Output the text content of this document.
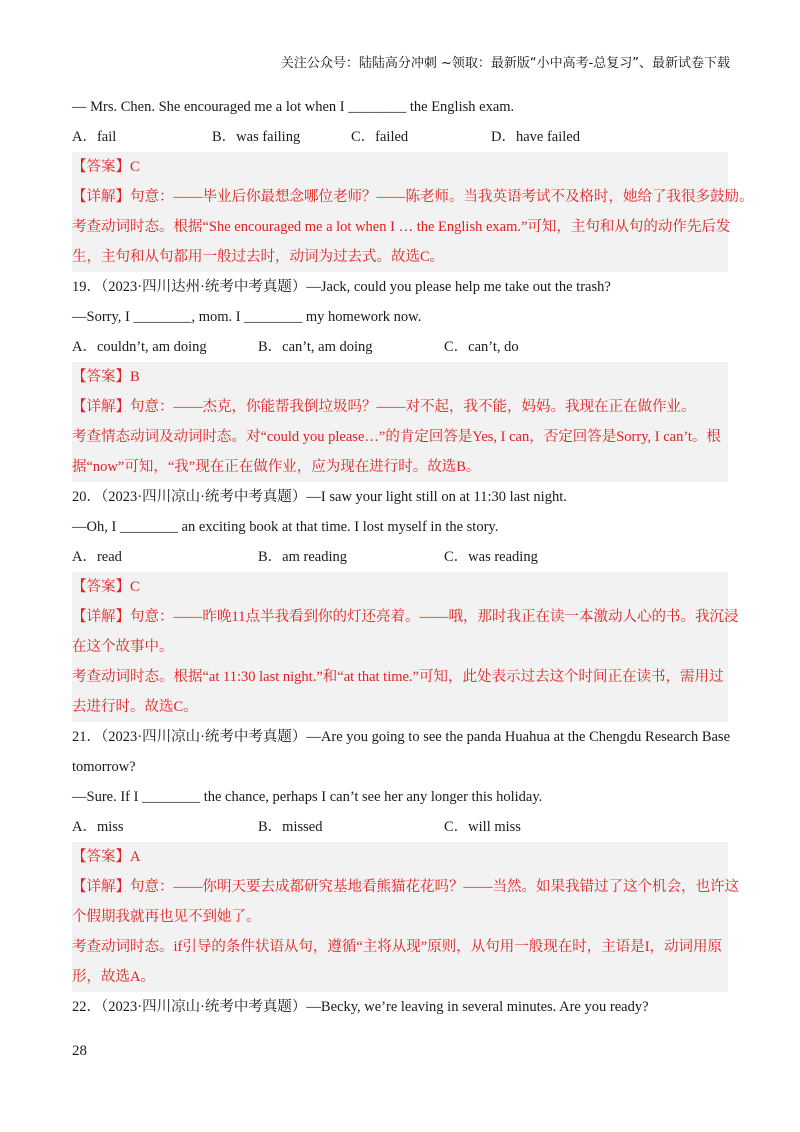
关注公众号：陆陆高分冲刺 ~领取：最新版“小中高考-总复习”、最新试卷下载
— Mrs. Chen. She encouraged me a lot when I ________ the English exam.
A．fail	B．was failing	C．failed	D．have failed
【答案】C
【详解】句意：——毕业后你最想念哪位老师？——陈老师。当我英语考试不及格时，她给了我很多鼓励。
考查动词时态。根据“She encouraged me a lot when I … the English exam.”可知，主句和从句的动作先后发
生，主句和从句都用一般过去时，动词为过去式。故选C。
19．（2023·四川达州·统考中考真题）—Jack, could you please help me take out the trash?
—Sorry, I ________, mom. I ________ my homework now.
A．couldn’t, am doing	B．can’t, am doing	C．can’t, do
【答案】B
【详解】句意：——杰克，你能帮我倒垃圾吗？——对不起，我不能，妈妈。我现在正在做作业。
考查情态动词及动词时态。对“could you please…”的肯定回答是Yes, I can，否定回答是Sorry, I can’t。根
据“now”可知，“我”现在正在做作业，应为现在进行时。故选B。
20．（2023·四川凉山·统考中考真题）—I saw your light still on at 11:30 last night.
—Oh, I ________ an exciting book at that time. I lost myself in the story.
A．read	B．am reading	C．was reading
【答案】C
【详解】句意：——昨晚11点半我看到你的灯还亮着。——哦，那时我正在读一本激动人心的书。我沉浸
在这个故事中。
考查动词时态。根据“at 11:30 last night.”和“at that time.”可知，此处表示过去这个时间正在读书，需用过
去进行时。故选C。
21．（2023·四川凉山·统考中考真题）—Are you going to see the panda Huahua at the Chengdu Research Base
tomorrow?
—Sure. If I ________ the chance, perhaps I can’t see her any longer this holiday.
A．miss	B．missed	C．will miss
【答案】A
【详解】句意：——你明天要去成都研究基地看熊猫花花吗？——当然。如果我错过了这个机会，也许这
个假期我就再也见不到她了。
考查动词时态。if引导的条件状语从句，遵循“主将从现”原则，从句用一般现在时，主语是I，动词用原
形，故选A。
22．（2023·四川凉山·统考中考真题）—Becky, we’re leaving in several minutes. Are you ready?
28
